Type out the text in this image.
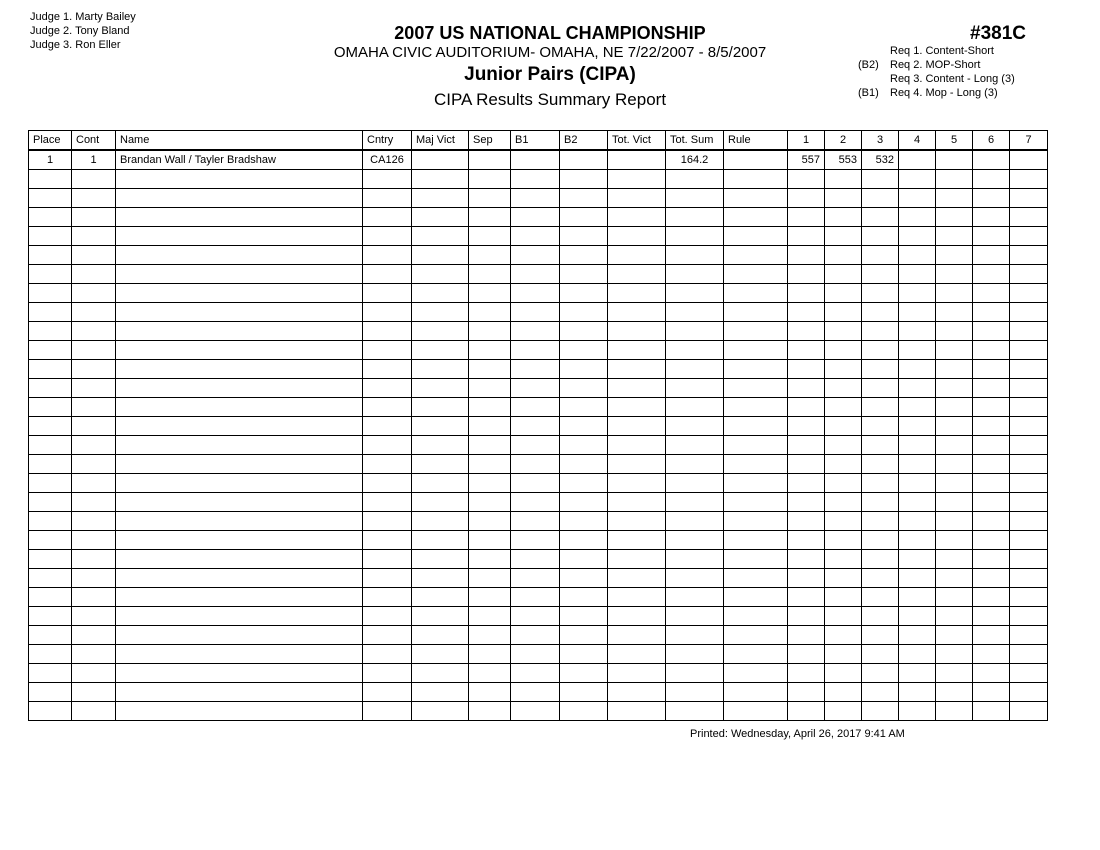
Judge 1. Marty Bailey
Judge 2. Tony Bland
Judge 3. Ron Eller
2007 US NATIONAL CHAMPIONSHIP
OMAHA CIVIC AUDITORIUM- OMAHA, NE 7/22/2007 - 8/5/2007
Junior Pairs (CIPA)
CIPA Results Summary Report
#381C
Req 1. Content-Short
(B2) Req 2. MOP-Short
Req 3. Content - Long (3)
(B1) Req 4. Mop - Long (3)
Place	Cont	Name	Cntry	Maj Vict	Sep	B1	B2	Tot. Vict	Tot. Sum	Rule	1	2	3	4	5	6	7
1	1	Brandan Wall / Tayler Bradshaw	CA126						164.2		557	553	532				

Printed: Wednesday, April 26, 2017 9:41 AM
